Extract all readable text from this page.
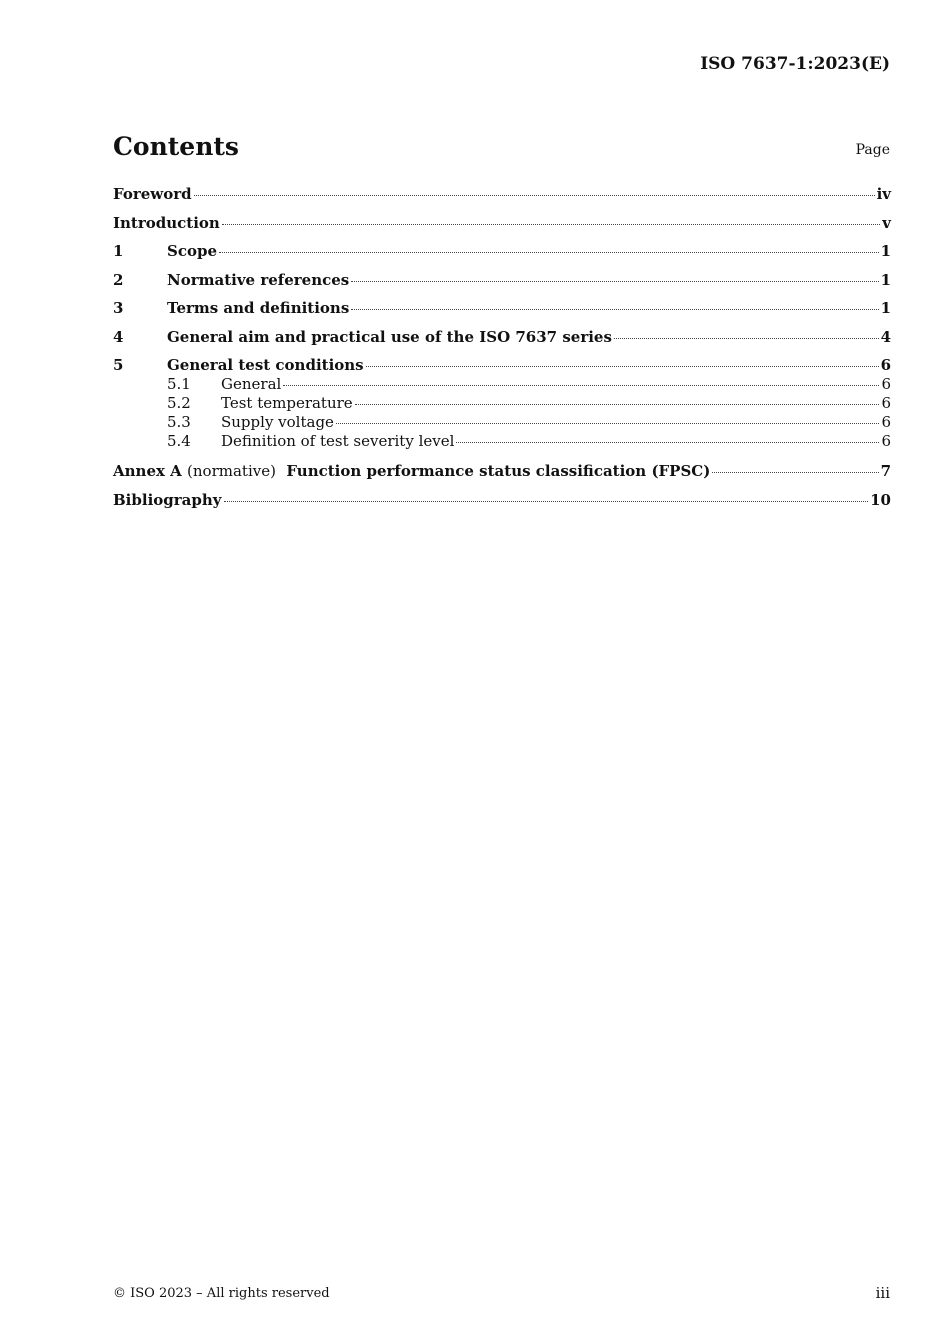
ISO 7637-1:2023(E)
Contents	Page
Foreword	iv
Introduction	v
1	Scope	1
2	Normative references	1
3	Terms and definitions	1
4	General aim and practical use of the ISO 7637 series	4
5	General test conditions	6
5.1	General	6
5.2	Test temperature	6
5.3	Supply voltage	6
5.4	Definition of test severity level	6
Annex A (normative) Function performance status classification (FPSC)	7
Bibliography	10
© ISO 2023 – All rights reserved	iii
